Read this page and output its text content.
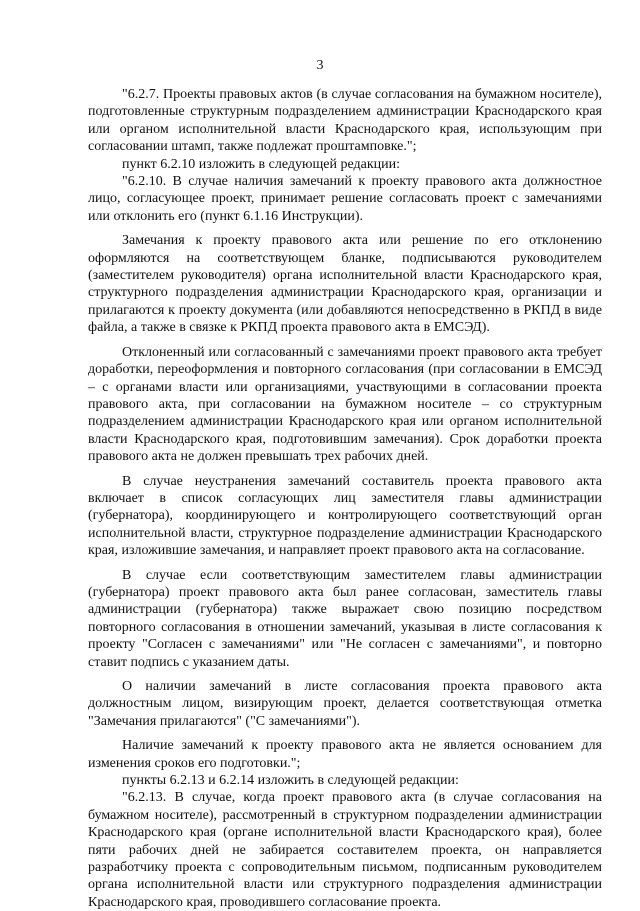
3

"6.2.7. Проекты правовых актов (в случае согласования на бумажном носителе), подготовленные структурным подразделением администрации Краснодарского края или органом исполнительной власти Краснодарского края, использующим при согласовании штамп, также подлежат проштамповке.";

пункт 6.2.10 изложить в следующей редакции:

"6.2.10. В случае наличия замечаний к проекту правового акта должностное лицо, согласующее проект, принимает решение согласовать проект с замечаниями или отклонить его (пункт 6.1.16 Инструкции).

Замечания к проекту правового акта или решение по его отклонению оформляются на соответствующем бланке, подписываются руководителем (заместителем руководителя) органа исполнительной власти Краснодарского края, структурного подразделения администрации Краснодарского края, организации и прилагаются к проекту документа (или добавляются непосредственно в РКПД в виде файла, а также в связке к РКПД проекта правового акта в ЕМСЭД).

Отклоненный или согласованный с замечаниями проект правового акта требует доработки, переоформления и повторного согласования (при согласовании в ЕМСЭД – с органами власти или организациями, участвующими в согласовании проекта правового акта, при согласовании на бумажном носителе – со структурным подразделением администрации Краснодарского края или органом исполнительной власти Краснодарского края, подготовившим замечания). Срок доработки проекта правового акта не должен превышать трех рабочих дней.

В случае неустранения замечаний составитель проекта правового акта включает в список согласующих лиц заместителя главы администрации (губернатора), координирующего и контролирующего соответствующий орган исполнительной власти, структурное подразделение администрации Краснодарского края, изложившие замечания, и направляет проект правового акта на согласование.

В случае если соответствующим заместителем главы администрации (губернатора) проект правового акта был ранее согласован, заместитель главы администрации (губернатора) также выражает свою позицию посредством повторного согласования в отношении замечаний, указывая в листе согласования к проекту "Согласен с замечаниями" или "Не согласен с замечаниями", и повторно ставит подпись с указанием даты.

О наличии замечаний в листе согласования проекта правового акта должностным лицом, визирующим проект, делается соответствующая отметка "Замечания прилагаются" ("С замечаниями").

Наличие замечаний к проекту правового акта не является основанием для изменения сроков его подготовки.";

пункты 6.2.13 и 6.2.14 изложить в следующей редакции:

"6.2.13. В случае, когда проект правового акта (в случае согласования на бумажном носителе), рассмотренный в структурном подразделении администрации Краснодарского края (органе исполнительной власти Краснодарского края), более пяти рабочих дней не забирается составителем проекта, он направляется разработчику проекта с сопроводительным письмом, подписанным руководителем органа исполнительной власти или структурного подразделения администрации Краснодарского края, проводившего согласование проекта.
